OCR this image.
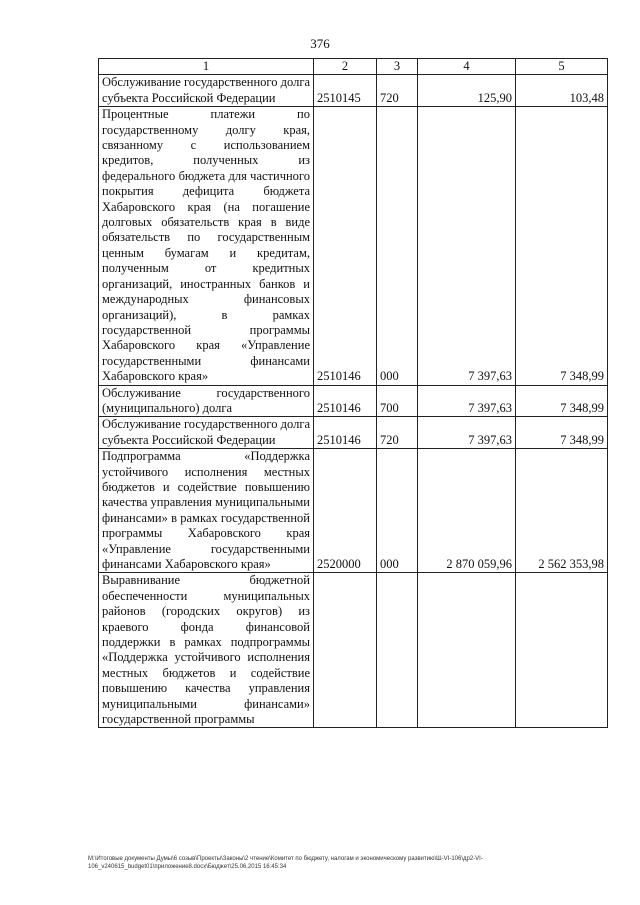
376
1	2	3	4	5
Обслуживание государственного долга субъекта Российской Федерации	2510145	720	125,90	103,48
Процентные платежи по государственному долгу края, связанному с использованием кредитов, полученных из федерального бюджета для частичного покрытия дефицита бюджета Хабаровского края (на погашение долговых обязательств края в виде обязательств по государственным ценным бумагам и кредитам, полученным от кредитных организаций, иностранных банков и международных финансовых организаций), в рамках государственной программы Хабаровского края «Управление государственными финансами Хабаровского края»	2510146	000	7 397,63	7 348,99
Обслуживание государственного (муниципального) долга	2510146	700	7 397,63	7 348,99
Обслуживание государственного долга субъекта Российской Федерации	2510146	720	7 397,63	7 348,99
Подпрограмма «Поддержка устойчивого исполнения местных бюджетов и содействие повышению качества управления муниципальными финансами» в рамках государственной программы Хабаровского края «Управление государственными финансами Хабаровского края»	2520000	000	2 870 059,96	2 562 353,98
Выравнивание бюджетной обеспеченности муниципальных районов (городских округов) из краевого фонда финансовой поддержки в рамках подпрограммы «Поддержка устойчивого исполнения местных бюджетов и содействие повышению качества управления муниципальными финансами» государственной программы				
M:\Итоговые документы Думы\6 созыв\Проекты\Законы\2 чтение\Комитет по бюджету, налогам и экономическому развитию\Ш-VI-106\др2-VI-
106_v240615_budget01\приложение8.docx\Бюджет\25.06.2015 16:45:34
